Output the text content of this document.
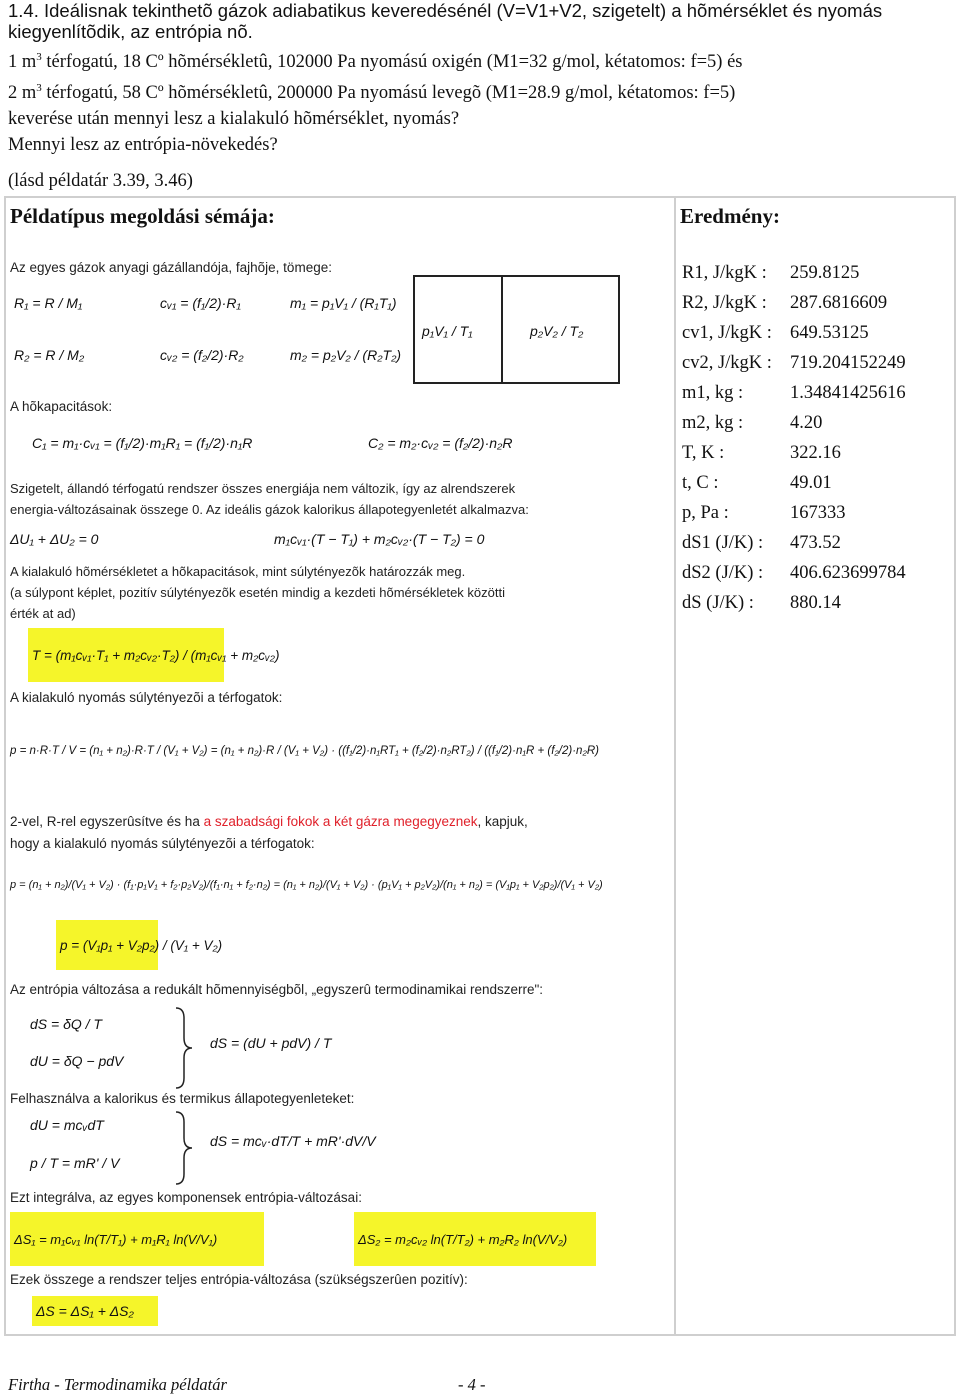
1.4. Ideálisnak tekinthetõ gázok adiabatikus keveredésénél (V=V1+V2, szigetelt) a hõmérséklet és nyomás kiegyenlítõdik, az entrópia nõ.

1 $m^3$ térfogatú, 18 Cº hõmérsékletû, 102000 Pa nyomású oxigén (M1=32 g/mol, kétatomos: f=5) és

2 $m^3$ térfogatú, 58 Cº hõmérsékletû, 200000 Pa nyomású levegõ (M1=28.9 g/mol, kétatomos: f=5)

keverése után mennyi lesz a kialakuló hõmérséklet, nyomás?

Mennyi lesz az entrópia-növekedés?

(lásd példatár 3.39, 3.46)
Példatípus megoldási sémája:	Eredmény:
R1, J/kgK :	259.8125
R2, J/kgK :	287.6816609
cv1, J/kgK : 649.53125
cv2, J/kgK : 719.204152249
m1, kg :	1.34841425616
m2, kg :	4.20
T, K :	322.16
t, C :	49.01
p, Pa :	167333
dS1 (J/K) :	473.52
dS2 (J/K) :	406.623699784
dS (J/K) :	880.14
Az egyes gázok anyagi gázállandója, fajhõje, tömege:
R₁ = R / M₁
R₂ = R / M₂
cᵥ₁ = (f₁/2)·R₁
cᵥ₂ = (f₂/2)·R₂
m₁ = p₁V₁ / (R₁T₁)
m₂ = p₂V₂ / (R₂T₂)
p₁V₁ / T₁	p₂V₂ / T₂
A hõkapacitások:
C₁ = m₁·cᵥ₁ = (f₁/2)·m₁R₁ = (f₁/2)·n₁R	C₂ = m₂·cᵥ₂ = (f₂/2)·n₂R
Szigetelt, állandó térfogatú rendszer összes energiája nem változik, így az alrendszerek
energia-változásainak összege 0. Az ideális gázok kalorikus állapotegyenletét alkalmazva:
ΔU₁ + ΔU₂ = 0	m₁cᵥ₁·(T − T₁) + m₂cᵥ₂·(T − T₂) = 0
A kialakuló hõmérsékletet a hõkapacitások, mint súlytényezõk határozzák meg.
(a súlypont képlet, pozitív súlytényezõk esetén mindig a kezdeti hõmérsékletek közötti
érték at ad)
T = (m₁cᵥ₁·T₁ + m₂cᵥ₂·T₂) / (m₁cᵥ₁ + m₂cᵥ₂)
A kialakuló nyomás súlytényezõi a térfogatok:
p = n·R·T / V = (n₁ + n₂)·R·T / (V₁ + V₂) = (n₁ + n₂)·R / (V₁ + V₂) · ((f₁/2)·n₁RT₁ + (f₂/2)·n₂RT₂) / ((f₁/2)·n₁R + (f₂/2)·n₂R)
2-vel, R-rel egyszerûsítve és ha a szabadsági fokok a két gázra megegyeznek, kapjuk,
hogy a kialakuló nyomás súlytényezõi a térfogatok:
p = (n₁ + n₂)/(V₁ + V₂) · (f₁·p₁V₁ + f₂·p₂V₂)/(f₁·n₁ + f₂·n₂) = (n₁ + n₂)/(V₁ + V₂) · (p₁V₁ + p₂V₂)/(n₁ + n₂) = (V₁p₁ + V₂p₂)/(V₁ + V₂)
p = (V₁p₁ + V₂p₂) / (V₁ + V₂)
Az entrópia változása a redukált hõmennyiségbõl, „egyszerû termodinamikai rendszerre":
dS = δQ / T
dU = δQ − pdV
dS = (dU + pdV) / T
Felhasználva a kalorikus és termikus állapotegyenleteket:
dU = mcᵥdT
p / T = mR' / V
dS = mcᵥ·dT/T + mR'·dV/V
Ezt integrálva, az egyes komponensek entrópia-változásai:
ΔS₁ = m₁cᵥ₁ ln(T/T₁) + m₁R₁ ln(V/V₁)	ΔS₂ = m₂cᵥ₂ ln(T/T₂) + m₂R₂ ln(V/V₂)
Ezek összege a rendszer teljes entrópia-változása (szükségszerûen pozitív):
ΔS = ΔS₁ + ΔS₂
Firtha - Termodinamika példatár	- 4 -
